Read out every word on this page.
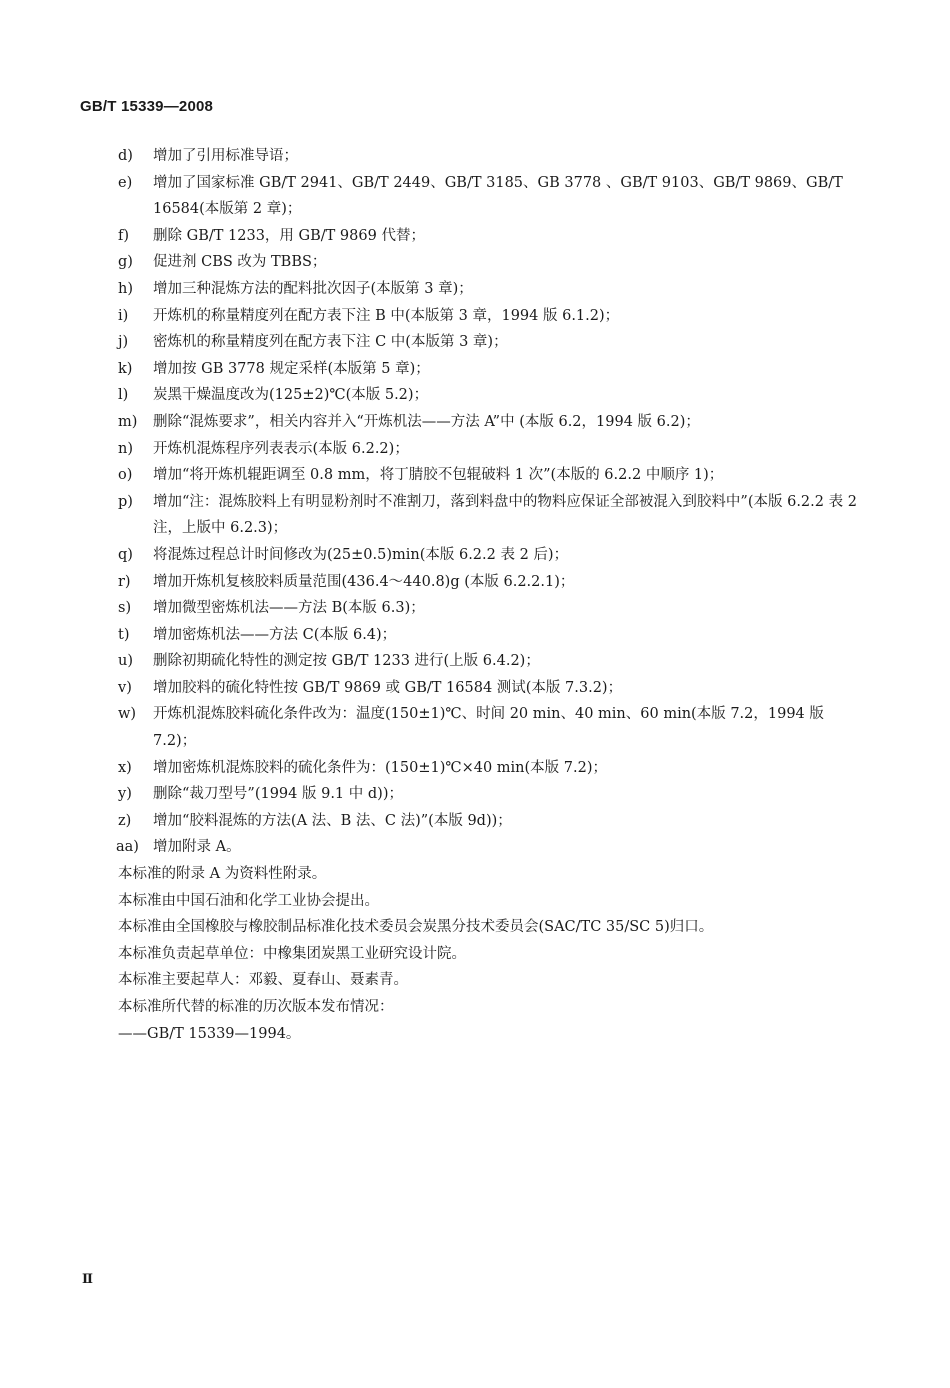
GB/T 15339—2008
d) 增加了引用标准导语；
e) 增加了国家标准 GB/T 2941、GB/T 2449、GB/T 3185、GB 3778 、GB/T 9103、GB/T 9869、GB/T 16584(本版第 2 章)；
f) 删除 GB/T 1233，用 GB/T 9869 代替；
g) 促进剂 CBS 改为 TBBS；
h) 增加三种混炼方法的配料批次因子(本版第 3 章)；
i) 开炼机的称量精度列在配方表下注 B 中(本版第 3 章，1994 版 6.1.2)；
j) 密炼机的称量精度列在配方表下注 C 中(本版第 3 章)；
k) 增加按 GB 3778 规定采样(本版第 5 章)；
l) 炭黑干燥温度改为(125±2)℃(本版 5.2)；
m) 删除“混炼要求”，相关内容并入“开炼机法——方法 A”中 (本版 6.2，1994 版 6.2)；
n) 开炼机混炼程序列表表示(本版 6.2.2)；
o) 增加“将开炼机辊距调至 0.8 mm，将丁腈胶不包辊破料 1 次”(本版的 6.2.2 中顺序 1)；
p) 增加“注：混炼胶料上有明显粉剂时不准割刀，落到料盘中的物料应保证全部被混入到胶料中”(本版 6.2.2 表 2 注，上版中 6.2.3)；
q) 将混炼过程总计时间修改为(25±0.5)min(本版 6.2.2 表 2 后)；
r) 增加开炼机复核胶料质量范围(436.4～440.8)g (本版 6.2.2.1)；
s) 增加微型密炼机法——方法 B(本版 6.3)；
t) 增加密炼机法——方法 C(本版 6.4)；
u) 删除初期硫化特性的测定按 GB/T 1233 进行(上版 6.4.2)；
v) 增加胶料的硫化特性按 GB/T 9869 或 GB/T 16584 测试(本版 7.3.2)；
w) 开炼机混炼胶料硫化条件改为：温度(150±1)℃、时间 20 min、40 min、60 min(本版 7.2，1994 版 7.2)；
x) 增加密炼机混炼胶料的硫化条件为：(150±1)℃×40 min(本版 7.2)；
y) 删除“裁刀型号”(1994 版 9.1 中 d))；
z) 增加“胶料混炼的方法(A 法、B 法、C 法)”(本版 9d))；
aa) 增加附录 A。
本标准的附录 A 为资料性附录。
本标准由中国石油和化学工业协会提出。
本标准由全国橡胶与橡胶制品标准化技术委员会炭黑分技术委员会(SAC/TC 35/SC 5)归口。
本标准负责起草单位：中橡集团炭黑工业研究设计院。
本标准主要起草人：邓毅、夏春山、聂素青。
本标准所代替的标准的历次版本发布情况：
——GB/T 15339—1994。
Ⅱ
